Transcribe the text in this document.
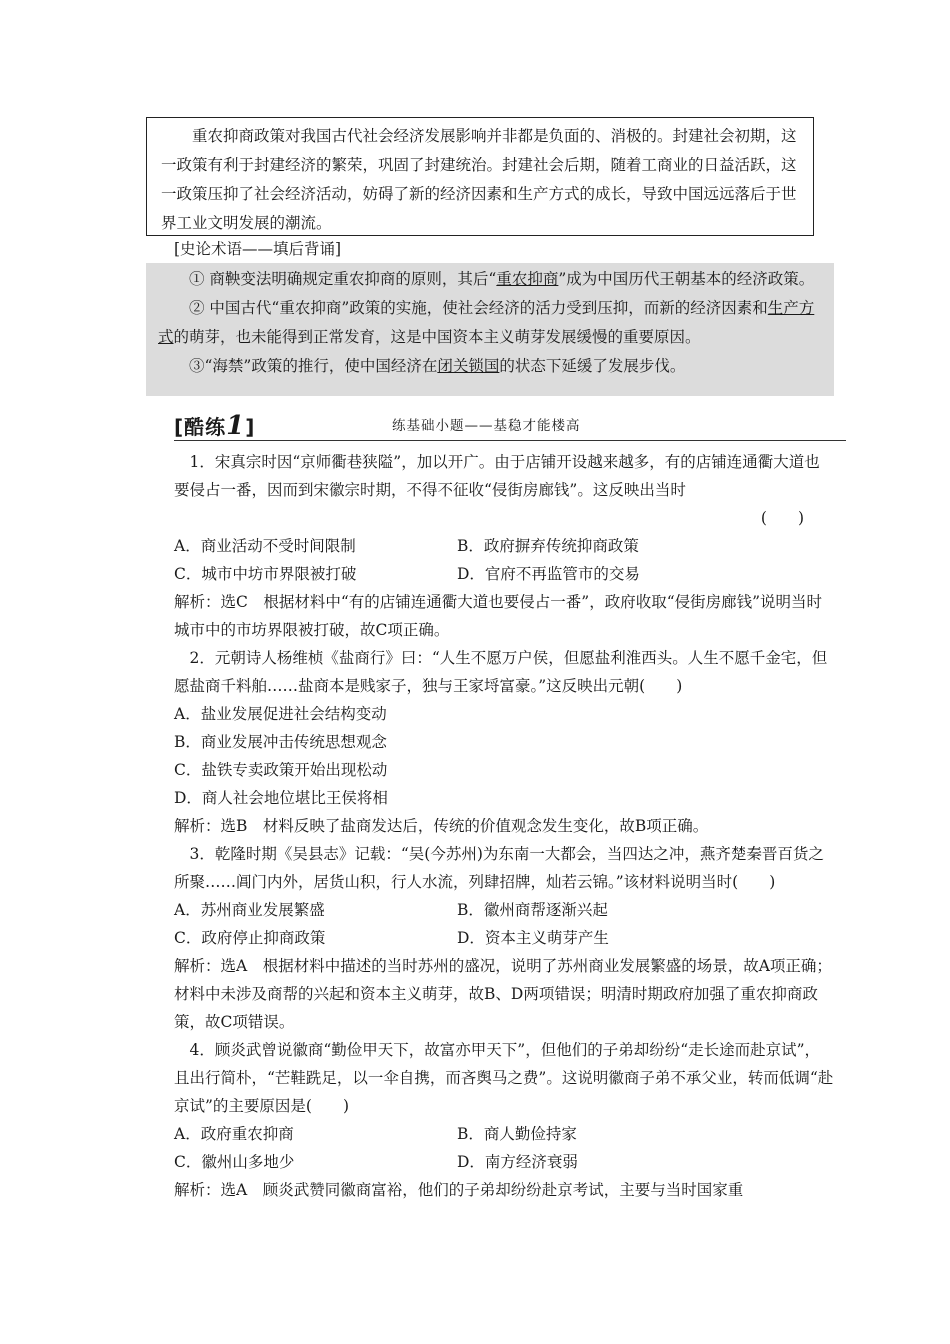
重农抑商政策对我国古代社会经济发展影响并非都是负面的、消极的。封建社会初期，这一政策有利于封建经济的繁荣，巩固了封建统治。封建社会后期，随着工商业的日益活跃，这一政策压抑了社会经济活动，妨碍了新的经济因素和生产方式的成长，导致中国远远落后于世界工业文明发展的潮流。
[史论术语——填后背诵]

① 商鞅变法明确规定重农抑商的原则，其后“重农抑商”成为中国历代王朝基本的经济政策。

② 中国古代“重农抑商”政策的实施，使社会经济的活力受到压抑，而新的经济因素和生产方式的萌芽，也未能得到正常发育，这是中国资本主义萌芽发展缓慢的重要原因。

③“海禁”政策的推行，使中国经济在闭关锁国的状态下延缓了发展步伐。

[酷练1]	练基础小题——基稳才能楼高

1．宋真宗时因“京师衢巷狭隘”，加以开广。由于店铺开设越来越多，有的店铺连通衢大道也要侵占一番，因而到宋徽宗时期，不得不征收“侵街房廊钱”。这反映出当时

(　　)

A．商业活动不受时间限制	B．政府摒弃传统抑商政策
C．城市中坊市界限被打破	D．官府不再监管市的交易

解析：选C　根据材料中“有的店铺连通衢大道也要侵占一番”，政府收取“侵街房廊钱”说明当时城市中的市坊界限被打破，故C项正确。

2．元朝诗人杨维桢《盐商行》曰：“人生不愿万户侯，但愿盐利淮西头。人生不愿千金宅，但愿盐商千料舶……盐商本是贱家子，独与王家埒富豪。”这反映出元朝(　　)

A．盐业发展促进社会结构变动

B．商业发展冲击传统思想观念

C．盐铁专卖政策开始出现松动

D．商人社会地位堪比王侯将相

解析：选B　材料反映了盐商发达后，传统的价值观念发生变化，故B项正确。

3．乾隆时期《吴县志》记载：“吴(今苏州)为东南一大都会，当四达之冲，燕齐楚秦晋百货之所聚……阊门内外，居货山积，行人水流，列肆招牌，灿若云锦。”该材料说明当时(　　)

A．苏州商业发展繁盛	B．徽州商帮逐渐兴起
C．政府停止抑商政策	D．资本主义萌芽产生

解析：选A　根据材料中描述的当时苏州的盛况，说明了苏州商业发展繁盛的场景，故A项正确；材料中未涉及商帮的兴起和资本主义萌芽，故B、D两项错误；明清时期政府加强了重农抑商政策，故C项错误。

4．顾炎武曾说徽商“勤俭甲天下，故富亦甲天下”，但他们的子弟却纷纷“走长途而赴京试”，且出行简朴，“芒鞋跣足，以一伞自携，而吝舆马之费”。这说明徽商子弟不承父业，转而低调“赴京试”的主要原因是(　　)

A．政府重农抑商	B．商人勤俭持家
C．徽州山多地少	D．南方经济衰弱

解析：选A　顾炎武赞同徽商富裕，他们的子弟却纷纷赴京考试，主要与当时国家重
